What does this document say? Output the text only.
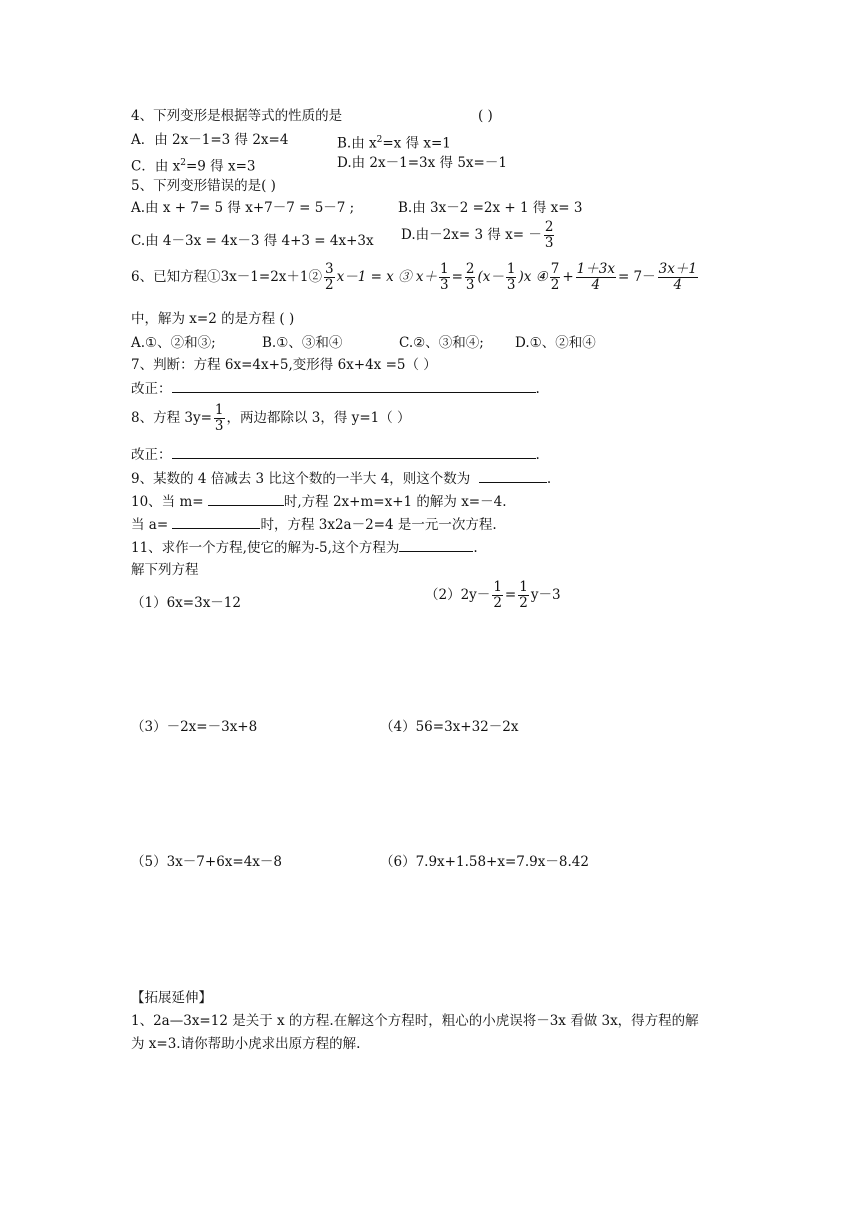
4、下列变形是根据等式的性质的是	( )
A．由 2x－1=3 得 2x=4	B.由 $x^2=x$ 得 x=1
C．由 $x^2=9$ 得 x=3	D.由 2x－1=3x 得 5x=－1
5、下列变形错误的是( )
A.由 x + 7= 5 得 x+7－7 = 5－7 ;	B.由 3x－2 =2x + 1 得 x= 3
C.由 4－3x = 4x－3 得 4+3 = 4x+3x D.由－2x= 3 得 $x= - \frac{2}{3}$
6、已知方程①3x－1=2x＋1② $\frac{3}{2} x-1 = x$ ③ $x+ \frac{1}{3} = \frac{2}{3} (x- \frac{1}{3} )x$ ④ $\frac{7}{2} + \frac{1+3x}{4} = 7- \frac{3x+1}{4}$
中，解为 x=2 的是方程 ( )
A.①、②和③;	B.①、③和④	C.②、③和④; D.①、②和④
7、判断：方程 6x=4x+5,变形得 6x+4x =5（ ）
改正：	.
8、方程 $3y= \frac{1}{3}$ ，两边都除以 3，得 y=1（ ）
改正：	.
9、某数的 4 倍减去 3 比这个数的一半大 4，则这个数为	.
10、当 m=	时,方程 2x+m=x+1 的解为 x=－4.
当 a=	时，方程 3x2a－2=4 是一元一次方程.
11、求作一个方程,使它的解为-5,这个方程为	.
解下列方程
（1）6x=3x－12	$(2)2y- \frac{1}{2} = \frac{1}{2} y-3$
（3）－2x=－3x+8	（4）56=3x+32－2x
（5）3x－7+6x=4x－8	（6）7.9x+1.58+x=7.9x－8.42
【拓展延伸】
1、2a—3x=12 是关于 x 的方程.在解这个方程时，粗心的小虎误将－3x 看做 3x，得方程的解
为 x=3.请你帮助小虎求出原方程的解.
